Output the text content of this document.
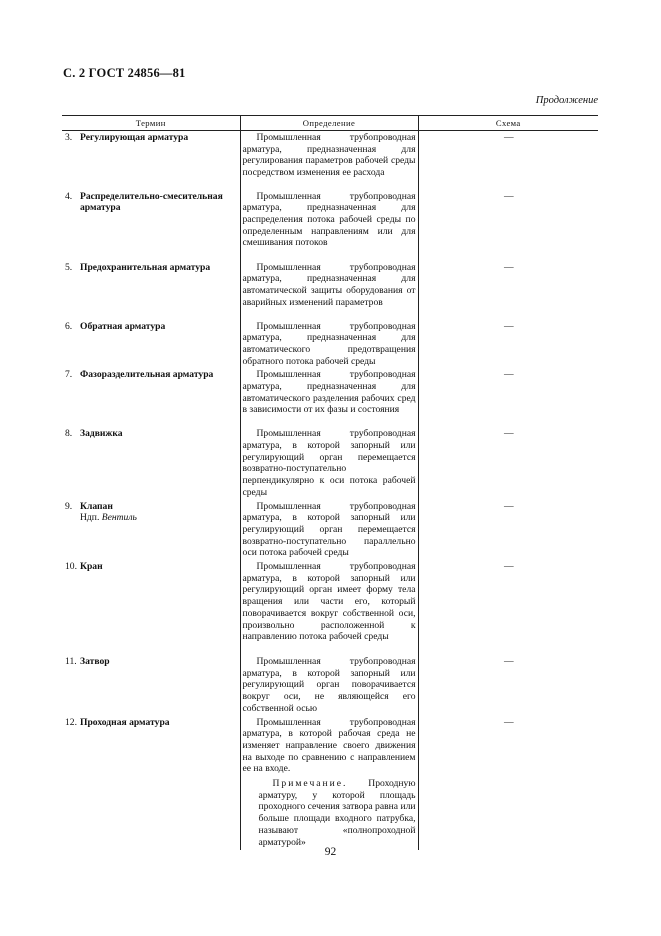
С. 2 ГОСТ 24856—81
Продолжение
Термин	Определение	Схема
3. Регулирующая арматура	Промышленная трубопроводная арматура, предназначенная для регулирования параметров рабочей среды посредством изменения ее расхода	—
4. Распределительно-смесительная
арматура	Промышленная трубопроводная арматура, предназначенная для распределения потока рабочей среды по определенным направлениям или для смешивания потоков	—
5. Предохранительная арматура	Промышленная трубопроводная арматура, предназначенная для автоматической защиты оборудования от аварийных изменений параметров	—
6. Обратная арматура	Промышленная трубопроводная арматура, предназначенная для автоматического предотвращения обратного потока рабочей среды	—
7. Фазоразделительная арматура	Промышленная трубопроводная арматура, предназначенная для автоматического разделения рабочих сред в зависимости от их фазы и состояния	—
8. Задвижка	Промышленная трубопроводная арматура, в которой запорный или регулирующий орган перемещается возвратно-поступательно перпендикулярно к оси потока рабочей среды	—
9. Клапан
Ндп. Вентиль	Промышленная трубопроводная арматура, в которой запорный или регулирующий орган перемещается возвратно-поступательно параллельно оси потока рабочей среды	—
10. Кран	Промышленная трубопроводная арматура, в которой запорный или регулирующий орган имеет форму тела вращения или части его, который поворачивается вокруг собственной оси, произвольно расположенной к направлению потока рабочей среды	—
11. Затвор	Промышленная трубопроводная арматура, в которой запорный или регулирующий орган поворачивается вокруг оси, не являющейся его собственной осью	—
12. Проходная арматура	Промышленная трубопроводная арматура, в которой рабочая среда не изменяет направление своего движения на выходе по сравнению с направлением ее на входе.
Примечание. Проходную арматуру, у которой площадь проходного сечения затвора равна или больше площади входного патрубка, называют «полнопроходной арматурой»	—
92
